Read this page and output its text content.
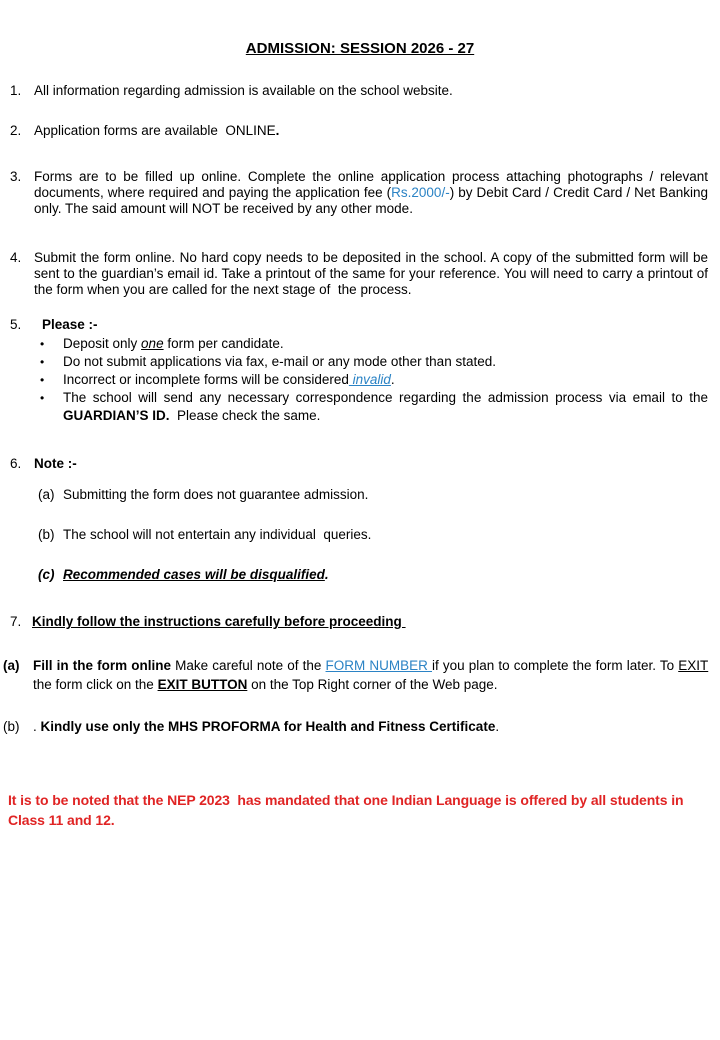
ADMISSION: SESSION 2026 - 27
1. All information regarding admission is available on the school website.
2. Application forms are available  ONLINE.
3. Forms are to be filled up online. Complete the online application process attaching photographs / relevant documents, where required and paying the application fee (Rs.2000/-) by Debit Card / Credit Card / Net Banking only. The said amount will NOT be received by any other mode.
4. Submit the form online. No hard copy needs to be deposited in the school. A copy of the submitted form will be sent to the guardian’s email id. Take a printout of the same for your reference. You will need to carry a printout of the form when you are called for the next stage of  the process.
5.	Please :-
•	Deposit only one form per candidate.
•	Do not submit applications via fax, e-mail or any mode other than stated.
•	Incorrect or incomplete forms will be considered invalid.
•	The school will send any necessary correspondence regarding the admission process via email to the GUARDIAN’S ID.  Please check the same.
6. Note :-
(a) Submitting the form does not guarantee admission.
(b) The school will not entertain any individual  queries.
(c) Recommended cases will be disqualified.
7. Kindly follow the instructions carefully before proceeding
(a)	Fill in the form online Make careful note of the FORM NUMBER if you plan to complete the form later. To EXIT  the form click on the EXIT BUTTON on the Top Right corner of the Web page.
(b)	. Kindly use only the MHS PROFORMA for Health and Fitness Certificate.
It is to be noted that the NEP 2023  has mandated that one Indian Language is offered by all students in Class 11 and 12.
